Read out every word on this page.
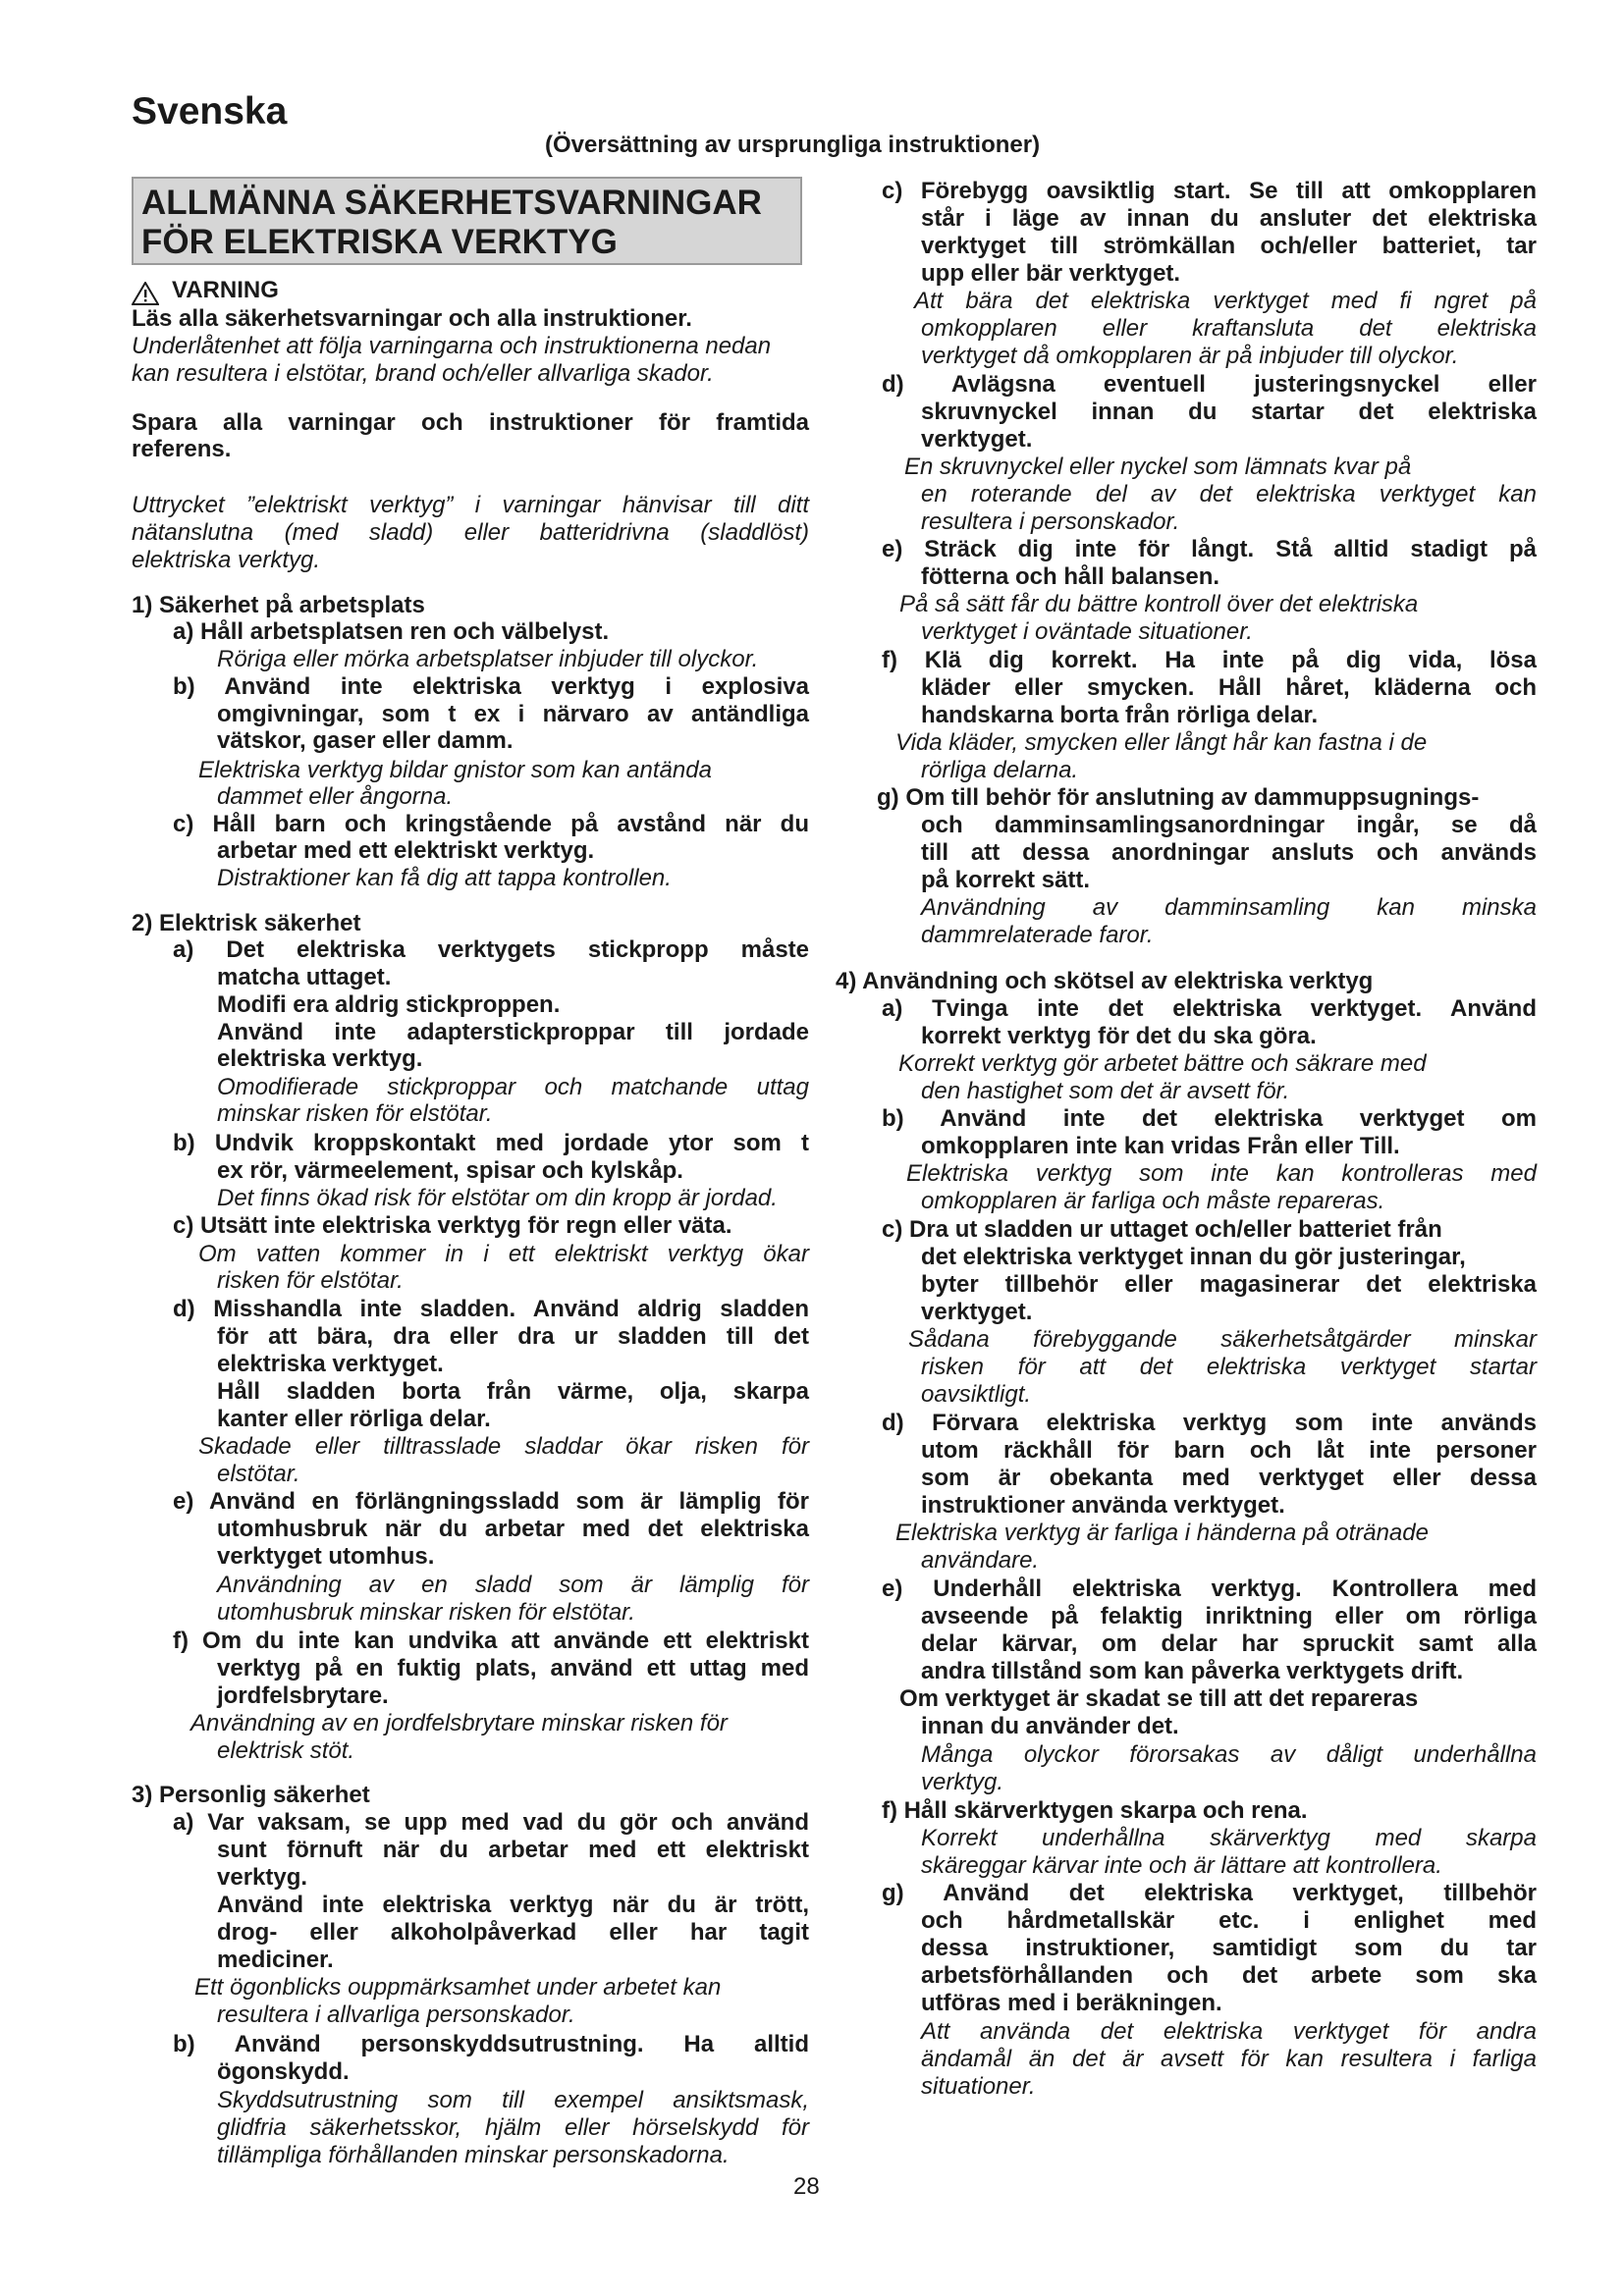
Svenska
(Översättning av ursprungliga instruktioner)
ALLMÄNNA SÄKERHETSVARNINGAR
FÖR ELEKTRISKA VERKTYG
VARNING
Läs alla säkerhetsvarningar och alla instruktioner.
Underlåtenhet att följa varningarna och instruktionerna nedan
kan resultera i elstötar, brand och/eller allvarliga skador.
Spara alla varningar och instruktioner för framtida
referens.
Uttrycket ”elektriskt verktyg” i varningar hänvisar till ditt
nätanslutna (med sladd) eller batteridrivna (sladdlöst)
elektriska verktyg.
1) Säkerhet på arbetsplats
a) Håll arbetsplatsen ren och välbelyst.
Röriga eller mörka arbetsplatser inbjuder till olyckor.
b) Använd inte elektriska verktyg i explosiva
omgivningar, som t ex i närvaro av antändliga
vätskor, gaser eller damm.
Elektriska verktyg bildar gnistor som kan antända
dammet eller ångorna.
c) Håll barn och kringstående på avstånd när du
arbetar med ett elektriskt verktyg.
Distraktioner kan få dig att tappa kontrollen.
2) Elektrisk säkerhet
a) Det elektriska verktygets stickpropp måste
matcha uttaget.
Modifi era aldrig stickproppen.
Använd inte adapterstickproppar till jordade
elektriska verktyg.
Omodifierade stickproppar och matchande uttag
minskar risken för elstötar.
b) Undvik kroppskontakt med jordade ytor som t
ex rör, värmeelement, spisar och kylskåp.
Det finns ökad risk för elstötar om din kropp är jordad.
c) Utsätt inte elektriska verktyg för regn eller väta.
Om vatten kommer in i ett elektriskt verktyg ökar
risken för elstötar.
d) Misshandla inte sladden. Använd aldrig sladden
för att bära, dra eller dra ur sladden till det
elektriska verktyget.
Håll sladden borta från värme, olja, skarpa
kanter eller rörliga delar.
Skadade eller tilltrasslade sladdar ökar risken för
elstötar.
e) Använd en förlängningssladd som är lämplig för
utomhusbruk när du arbetar med det elektriska
verktyget utomhus.
Användning av en sladd som är lämplig för
utomhusbruk minskar risken för elstötar.
f) Om du inte kan undvika att använde ett elektriskt
verktyg på en fuktig plats, använd ett uttag med
jordfelsbrytare.
Användning av en jordfelsbrytare minskar risken för
elektrisk stöt.
3) Personlig säkerhet
a) Var vaksam, se upp med vad du gör och använd
sunt förnuft när du arbetar med ett elektriskt
verktyg.
Använd inte elektriska verktyg när du är trött,
drog- eller alkoholpåverkad eller har tagit
mediciner.
Ett ögonblicks ouppmärksamhet under arbetet kan
resultera i allvarliga personskador.
b) Använd personskyddsutrustning. Ha alltid
ögonskydd.
Skyddsutrustning som till exempel ansiktsmask,
glidfria säkerhetsskor, hjälm eller hörselskydd för
tillämpliga förhållanden minskar personskadorna.
c) Förebygg oavsiktlig start. Se till att omkopplaren
står i läge av innan du ansluter det elektriska
verktyget till strömkällan och/eller batteriet, tar
upp eller bär verktyget.
Att bära det elektriska verktyget med fi ngret på
omkopplaren eller kraftansluta det elektriska
verktyget då omkopplaren är på inbjuder till olyckor.
d) Avlägsna eventuell justeringsnyckel eller
skruvnyckel innan du startar det elektriska
verktyget.
En skruvnyckel eller nyckel som lämnats kvar på
en roterande del av det elektriska verktyget kan
resultera i personskador.
e) Sträck dig inte för långt. Stå alltid stadigt på
fötterna och håll balansen.
På så sätt får du bättre kontroll över det elektriska
verktyget i oväntade situationer.
f) Klä dig korrekt. Ha inte på dig vida, lösa
kläder eller smycken. Håll håret, kläderna och
handskarna borta från rörliga delar.
Vida kläder, smycken eller långt hår kan fastna i de
rörliga delarna.
g) Om till behör för anslutning av dammuppsugnings-
och damminsamlingsanordningar ingår, se då
till att dessa anordningar ansluts och används
på korrekt sätt.
Användning av damminsamling kan minska
dammrelaterade faror.
4) Användning och skötsel av elektriska verktyg
a) Tvinga inte det elektriska verktyget. Använd
korrekt verktyg för det du ska göra.
Korrekt verktyg gör arbetet bättre och säkrare med
den hastighet som det är avsett för.
b) Använd inte det elektriska verktyget om
omkopplaren inte kan vridas Från eller Till.
Elektriska verktyg som inte kan kontrolleras med
omkopplaren är farliga och måste repareras.
c) Dra ut sladden ur uttaget och/eller batteriet från
det elektriska verktyget innan du gör justeringar,
byter tillbehör eller magasinerar det elektriska
verktyget.
Sådana förebyggande säkerhetsåtgärder minskar
risken för att det elektriska verktyget startar
oavsiktligt.
d) Förvara elektriska verktyg som inte används
utom räckhåll för barn och låt inte personer
som är obekanta med verktyget eller dessa
instruktioner använda verktyget.
Elektriska verktyg är farliga i händerna på otränade
användare.
e) Underhåll elektriska verktyg. Kontrollera med
avseende på felaktig inriktning eller om rörliga
delar kärvar, om delar har spruckit samt alla
andra tillstånd som kan påverka verktygets drift.
Om verktyget är skadat se till att det repareras
innan du använder det.
Många olyckor förorsakas av dåligt underhållna
verktyg.
f) Håll skärverktygen skarpa och rena.
Korrekt underhållna skärverktyg med skarpa
skäreggar kärvar inte och är lättare att kontrollera.
g) Använd det elektriska verktyget, tillbehör
och hårdmetallskär etc. i enlighet med
dessa instruktioner, samtidigt som du tar
arbetsförhållanden och det arbete som ska
utföras med i beräkningen.
Att använda det elektriska verktyget för andra
ändamål än det är avsett för kan resultera i farliga
situationer.
28
